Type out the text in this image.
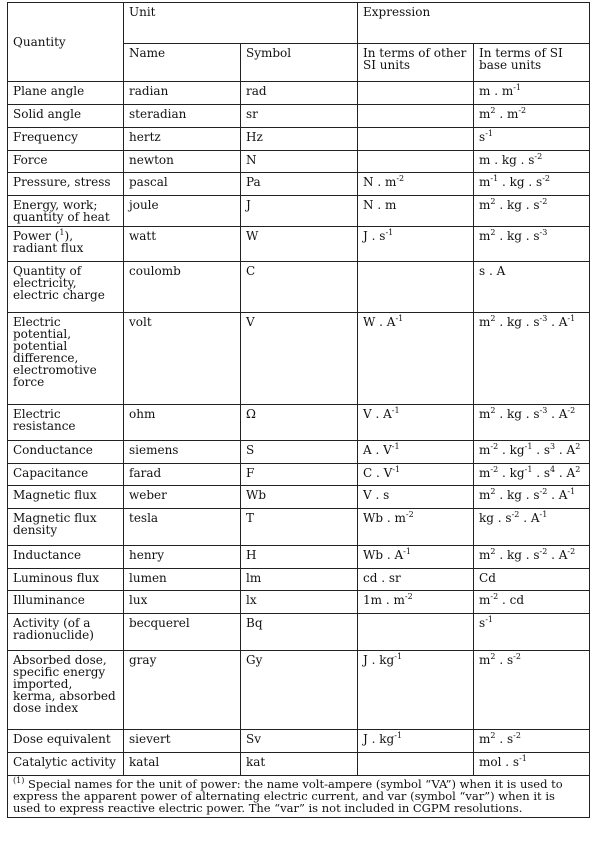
Quantity	Unit		Expression	
	Name	Symbol	In terms of other SI units	In terms of SI base units
Plane angle	radian	rad		m . $m^{-1}$
Solid angle	steradian	sr		$m^2$ . $m^{-2}$
Frequency	hertz	Hz		$s^{-1}$
Force	newton	N		m . kg . $s^{-2}$
Pressure, stress	pascal	Pa	N . $m^{-2}$	$m^{-1}$ . kg . $s^{-2}$
Energy, work; quantity of heat	joule	J	N . m	$m^2$ . kg . $s^{-2}$
Power ($^1$), radiant flux	watt	W	J . $s^{-1}$	$m^2$ . kg . $s^{-3}$
Quantity of electricity, electric charge	coulomb	C		s . A
Electric potential, potential difference, electromotive force	volt	V	W . $A^{-1}$	$m^2$ . kg . $s^{-3}$ . $A^{-1}$
Electric resistance	ohm	Ω	V . $A^{-1}$	$m^2$ . kg . $s^{-3}$ . $A^{-2}$
Conductance	siemens	S	A . $V^{-1}$	$m^{-2}$ . $kg^{-1}$ . $s^3$ . $A^2$
Capacitance	farad	F	C . $V^{-1}$	$m^{-2}$ . $kg^{-1}$ . $s^4$ . $A^2$
Magnetic flux	weber	Wb	V . s	$m^2$ . kg . $s^{-2}$ . $A^{-1}$
Magnetic flux density	tesla	T	Wb . $m^{-2}$	kg . $s^{-2}$ . $A^{-1}$
Inductance	henry	H	Wb . $A^{-1}$	$m^2$ . kg . $s^{-2}$ . $A^{-2}$
Luminous flux	lumen	lm	cd . sr	Cd
Illuminance	lux	lx	1m . $m^{-2}$	$m^{-2}$ . cd
Activity (of a radionuclide)	becquerel	Bq		$s^{-1}$
Absorbed dose, specific energy imported, kerma, absorbed dose index	gray	Gy	J . $kg^{-1}$	$m^2$ . $s^{-2}$
Dose equivalent	sievert	Sv	J . $kg^{-1}$	$m^2$ . $s^{-2}$
Catalytic activity	katal	kat		mol . $s^{-1}$
$^{(1)}$ Special names for the unit of power: the name volt-ampere (symbol “VA”) when it is used to express the apparent power of alternating electric current, and var (symbol “var”) when it is used to express reactive electric power. The “var” is not included in CGPM resolutions.				
